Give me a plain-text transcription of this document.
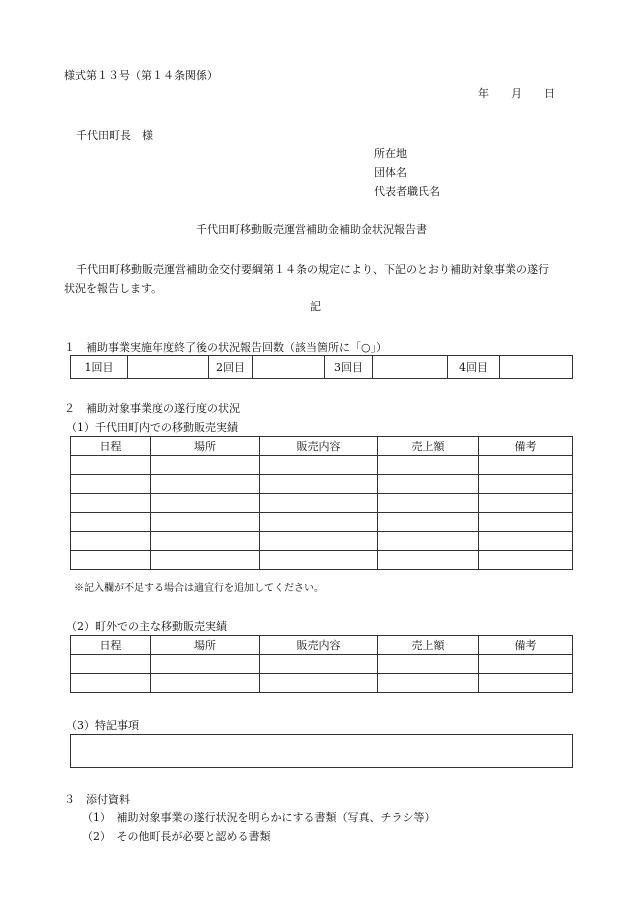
様式第１３号（第１４条関係）
年　　月　　日
千代田町長　様
所在地
団体名
代表者職氏名
千代田町移動販売運営補助金補助金状況報告書
千代田町移動販売運営補助金交付要綱第１４条の規定により、下記のとおり補助対象事業の遂行
状況を報告します。
記
１　補助事業実施年度終了後の状況報告回数（該当箇所に「○」）
1回目		2回目		3回目		4回目	
２　補助対象事業度の遂行度の状況
（1）千代田町内での移動販売実績
日程	場所	販売内容	売上額	備考

※記入欄が不足する場合は適宜行を追加してください。
（2）町外での主な移動販売実績
日程	場所	販売内容	売上額	備考

（3）特記事項
３　添付資料
（1）　補助対象事業の遂行状況を明らかにする書類（写真、チラシ等）
（2）　その他町長が必要と認める書類
